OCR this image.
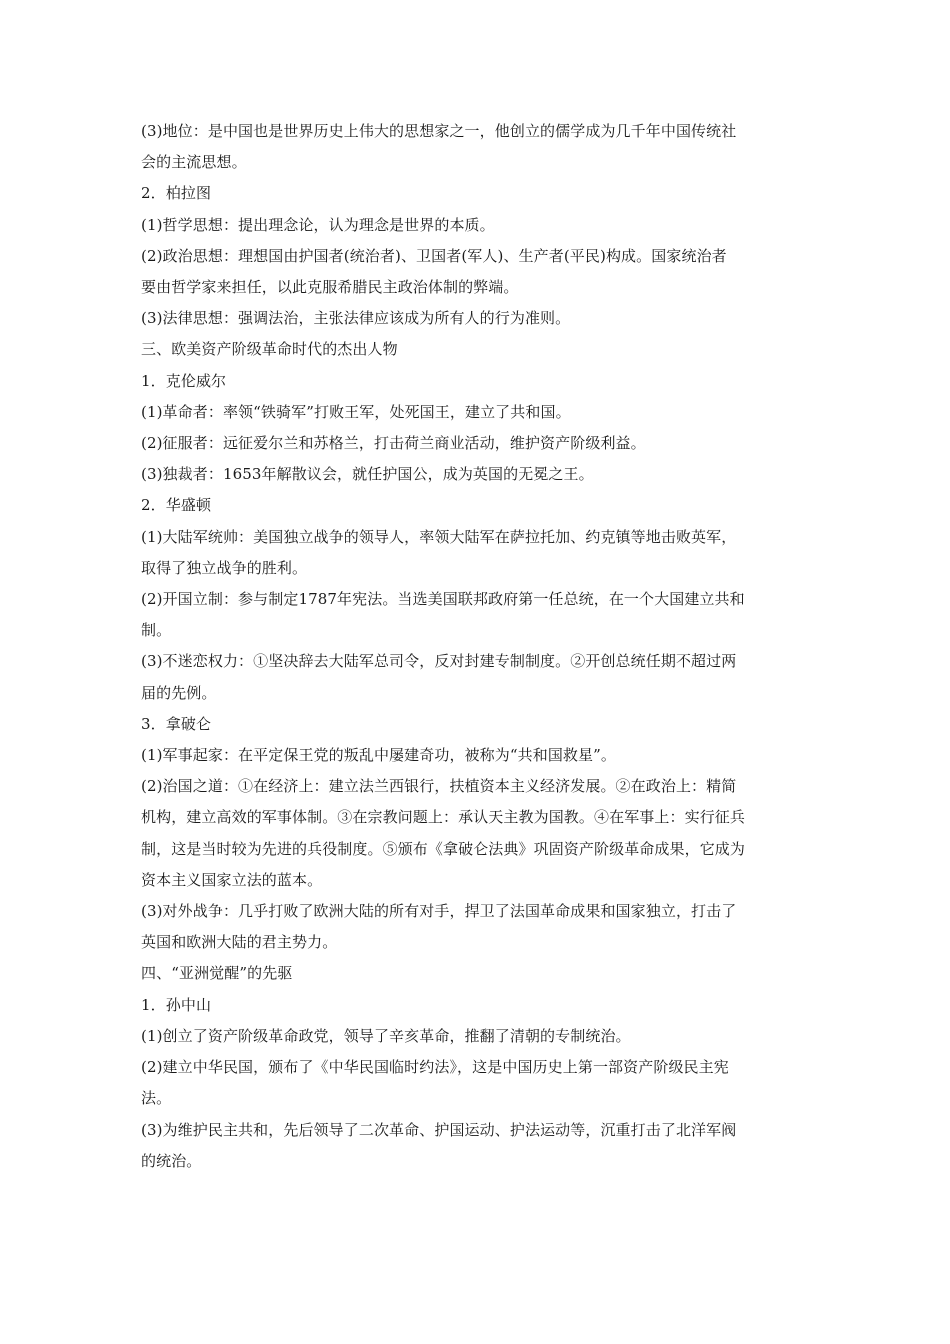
(3)地位：是中国也是世界历史上伟大的思想家之一，他创立的儒学成为几千年中国传统社

会的主流思想。

2．柏拉图

(1)哲学思想：提出理念论，认为理念是世界的本质。

(2)政治思想：理想国由护国者(统治者)、卫国者(军人)、生产者(平民)构成。国家统治者

要由哲学家来担任，以此克服希腊民主政治体制的弊端。

(3)法律思想：强调法治，主张法律应该成为所有人的行为准则。

三、欧美资产阶级革命时代的杰出人物

1．克伦威尔

(1)革命者：率领“铁骑军”打败王军，处死国王，建立了共和国。

(2)征服者：远征爱尔兰和苏格兰，打击荷兰商业活动，维护资产阶级利益。

(3)独裁者：1653年解散议会，就任护国公，成为英国的无冕之王。

2．华盛顿

(1)大陆军统帅：美国独立战争的领导人，率领大陆军在萨拉托加、约克镇等地击败英军，

取得了独立战争的胜利。

(2)开国立制：参与制定1787年宪法。当选美国联邦政府第一任总统，在一个大国建立共和

制。

(3)不迷恋权力：①坚决辞去大陆军总司令，反对封建专制制度。②开创总统任期不超过两

届的先例。

3．拿破仑

(1)军事起家：在平定保王党的叛乱中屡建奇功，被称为“共和国救星”。

(2)治国之道：①在经济上：建立法兰西银行，扶植资本主义经济发展。②在政治上：精简

机构，建立高效的军事体制。③在宗教问题上：承认天主教为国教。④在军事上：实行征兵

制，这是当时较为先进的兵役制度。⑤颁布《拿破仑法典》巩固资产阶级革命成果，它成为

资本主义国家立法的蓝本。

(3)对外战争：几乎打败了欧洲大陆的所有对手，捍卫了法国革命成果和国家独立，打击了

英国和欧洲大陆的君主势力。

四、“亚洲觉醒”的先驱

1．孙中山

(1)创立了资产阶级革命政党，领导了辛亥革命，推翻了清朝的专制统治。

(2)建立中华民国，颁布了《中华民国临时约法》，这是中国历史上第一部资产阶级民主宪

法。

(3)为维护民主共和，先后领导了二次革命、护国运动、护法运动等，沉重打击了北洋军阀

的统治。
